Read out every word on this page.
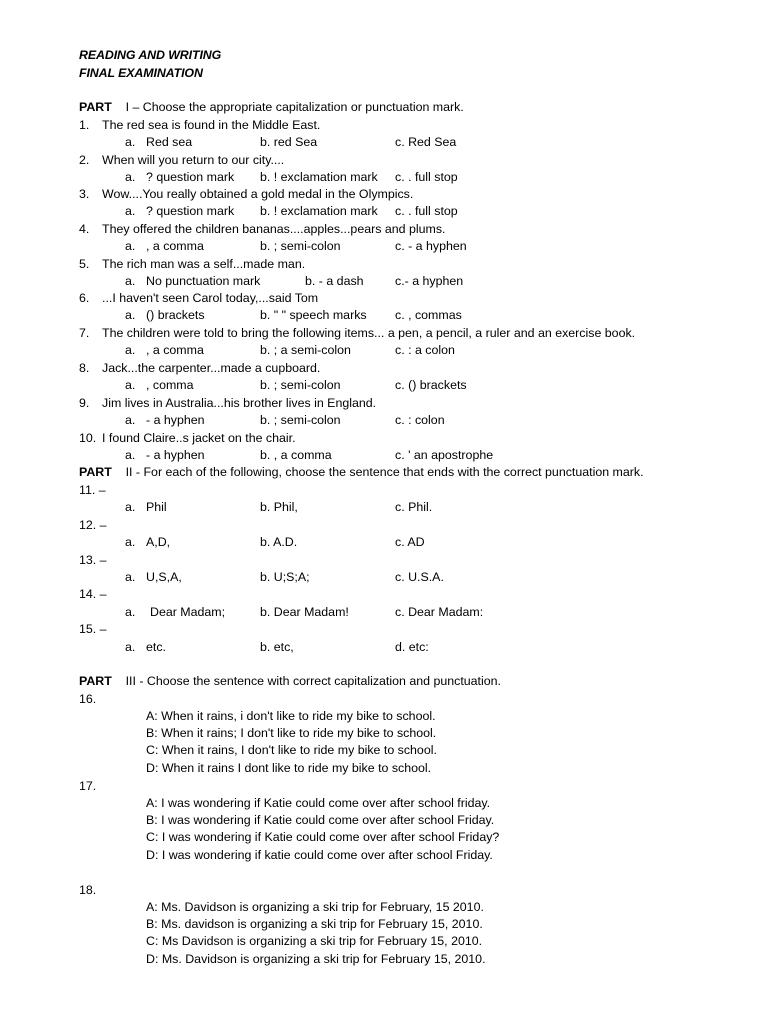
READING AND WRITING
FINAL EXAMINATION
PART I – Choose the appropriate capitalization or punctuation mark.
1. The red sea is found in the Middle East.
a. Red sea	b. red Sea	c. Red Sea
2. When will you return to our city....
a. ? question mark b. ! exclamation mark c. . full stop
3. Wow....You really obtained a gold medal in the Olympics.
a. ? question mark b. ! exclamation mark c. . full stop
4. They offered the children bananas....apples...pears and plums.
a. , a comma	b. ; semi-colon	c. - a hyphen
5. The rich man was a self...made man.
a. No punctuation mark	b. - a dash	c.- a hyphen
6. ...I haven't seen Carol today,...said Tom
a. () brackets	b. " " speech marks c. , commas
7. The children were told to bring the following items... a pen, a pencil, a ruler and an exercise book.
a. , a comma	b. ; a semi-colon	c. : a colon
8. Jack...the carpenter...made a cupboard.
a. , comma	b. ; semi-colon	c. () brackets
9. Jim lives in Australia...his brother lives in England.
a. - a hyphen	b. ; semi-colon	c. : colon
10. I found Claire..s jacket on the chair.
a. - a hyphen	b. , a comma	c. ' an apostrophe
PART II - For each of the following, choose the sentence that ends with the correct punctuation mark.
11. –
a. Phil	b. Phil,	c. Phil.
12. –
a. A,D,	b. A.D.	c. AD
13. –
a. U,S,A,	b. U;S;A;	c. U.S.A.
14. –
a. Dear Madam;	b. Dear Madam!	c. Dear Madam:
15. –
a. etc.	b. etc,	d. etc:
PART III - Choose the sentence with correct capitalization and punctuation.
16.
A: When it rains, i don't like to ride my bike to school.
B: When it rains; I don't like to ride my bike to school.
C: When it rains, I don't like to ride my bike to school.
D: When it rains I dont like to ride my bike to school.
17.
A: I was wondering if Katie could come over after school friday.
B: I was wondering if Katie could come over after school Friday.
C: I was wondering if Katie could come over after school Friday?
D: I was wondering if katie could come over after school Friday.
18.
A: Ms. Davidson is organizing a ski trip for February, 15 2010.
B: Ms. davidson is organizing a ski trip for February 15, 2010.
C: Ms Davidson is organizing a ski trip for February 15, 2010.
D: Ms. Davidson is organizing a ski trip for February 15, 2010.
